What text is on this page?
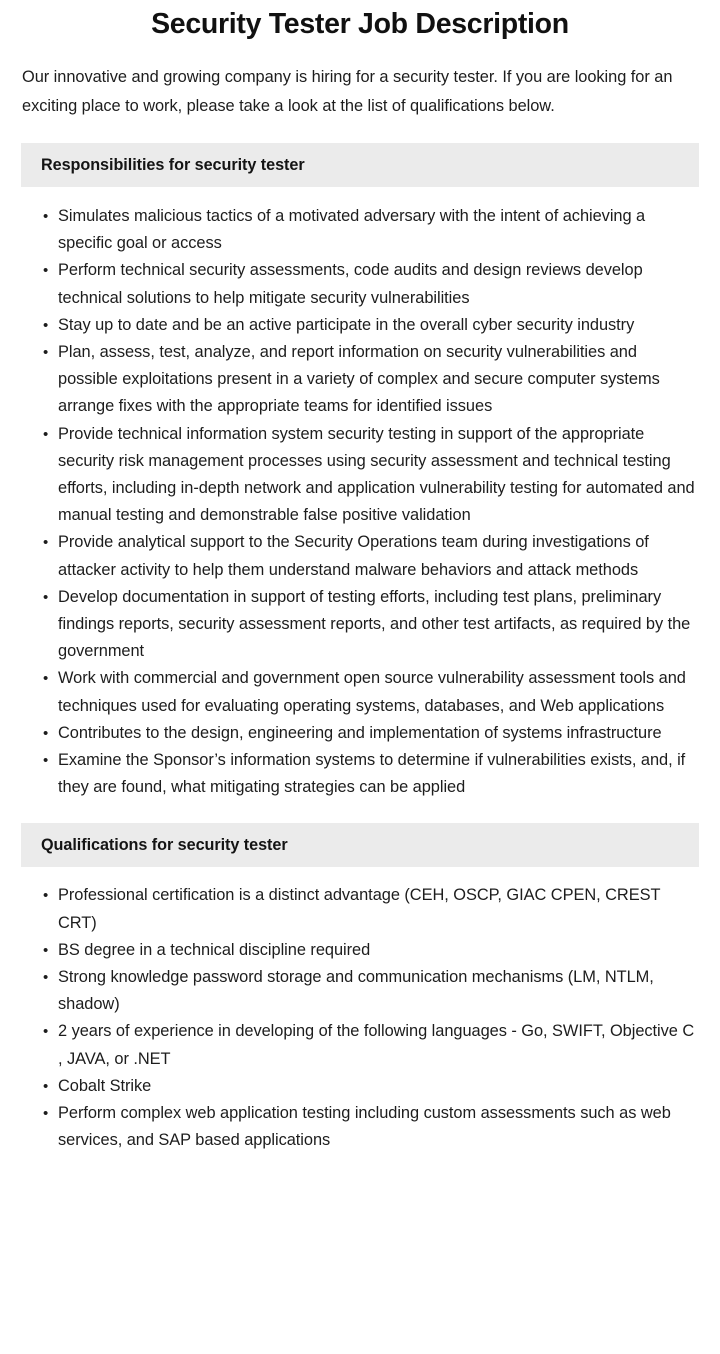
Security Tester Job Description

Our innovative and growing company is hiring for a security tester. If you are looking for an exciting place to work, please take a look at the list of qualifications below.

Responsibilities for security tester
• Simulates malicious tactics of a motivated adversary with the intent of achieving a specific goal or access
• Perform technical security assessments, code audits and design reviews develop technical solutions to help mitigate security vulnerabilities
• Stay up to date and be an active participate in the overall cyber security industry
• Plan, assess, test, analyze, and report information on security vulnerabilities and possible exploitations present in a variety of complex and secure computer systems arrange fixes with the appropriate teams for identified issues
• Provide technical information system security testing in support of the appropriate security risk management processes using security assessment and technical testing efforts, including in-depth network and application vulnerability testing for automated and manual testing and demonstrable false positive validation
• Provide analytical support to the Security Operations team during investigations of attacker activity to help them understand malware behaviors and attack methods
• Develop documentation in support of testing efforts, including test plans, preliminary findings reports, security assessment reports, and other test artifacts, as required by the government
• Work with commercial and government open source vulnerability assessment tools and techniques used for evaluating operating systems, databases, and Web applications
• Contributes to the design, engineering and implementation of systems infrastructure
• Examine the Sponsor’s information systems to determine if vulnerabilities exists, and, if they are found, what mitigating strategies can be applied
Qualifications for security tester
• Professional certification is a distinct advantage (CEH, OSCP, GIAC CPEN, CREST CRT)
• BS degree in a technical discipline required
• Strong knowledge password storage and communication mechanisms (LM, NTLM, shadow)
• 2 years of experience in developing of the following languages - Go, SWIFT, Objective C , JAVA, or .NET
• Cobalt Strike
• Perform complex web application testing including custom assessments such as web services, and SAP based applications
